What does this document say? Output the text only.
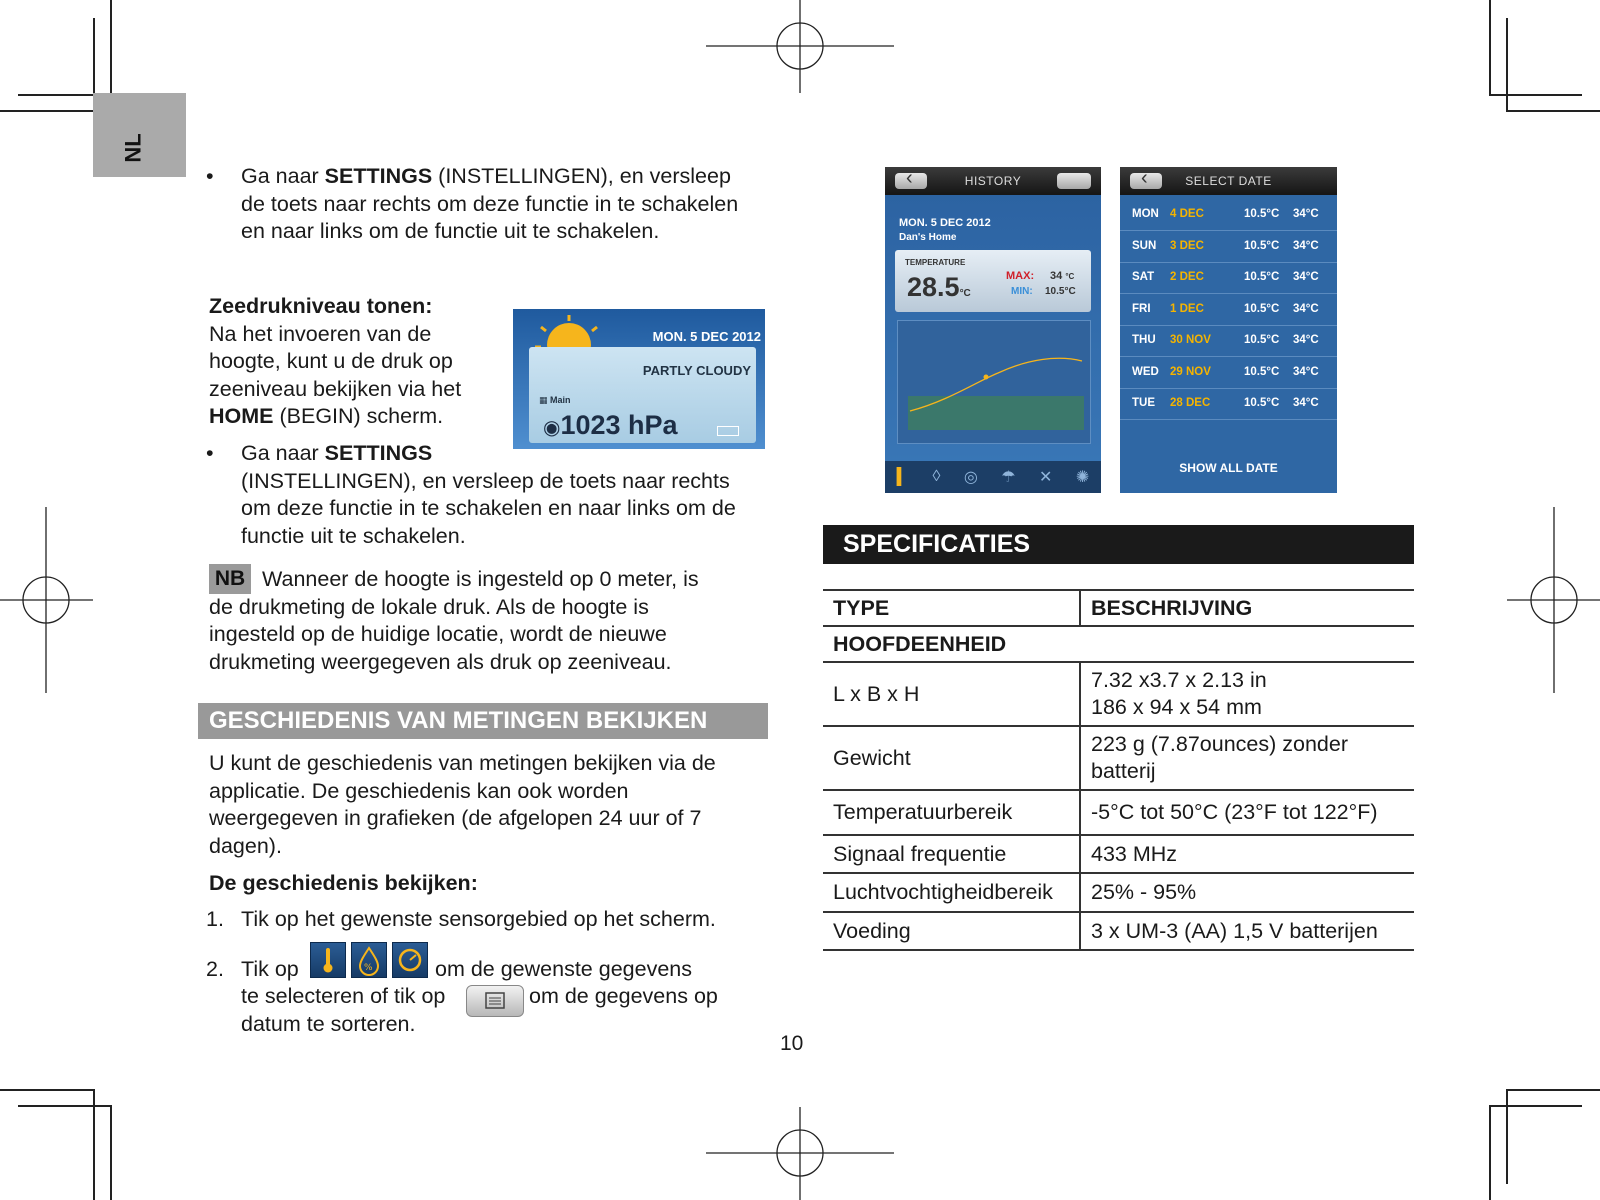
NL
• Ga naar SETTINGS (INSTELLINGEN), en versleep de toets naar rechts om deze functie in te schakelen en naar links om de functie uit te schakelen.
Zeedrukniveau tonen:
Na het invoeren van de hoogte, kunt u de druk op zeeniveau bekijken via het HOME (BEGIN) scherm.
MON. 5 DEC 2012
PARTLY CLOUDY
▦ Main
◉1023 hPa
• Ga naar SETTINGS
(INSTELLINGEN), en versleep de toets naar rechts om deze functie in te schakelen en naar links om de functie uit te schakelen.
NB Wanneer de hoogte is ingesteld op 0 meter, is de drukmeting de lokale druk. Als de hoogte is ingesteld op de huidige locatie, wordt de nieuwe drukmeting weergegeven als druk op zeeniveau.
GESCHIEDENIS VAN METINGEN BEKIJKEN
U kunt de geschiedenis van metingen bekijken via de applicatie. De geschiedenis kan ook worden weergegeven in grafieken (de afgelopen 24 uur of 7 dagen).
De geschiedenis bekijken:
1. Tik op het gewenste sensorgebied op het scherm.
2. Tik op	%	om de gewenste gegevens
te selecteren of tik op	om de gegevens op
datum te sorteren.
10
HISTORY
‹
MON. 5 DEC 2012
Dan's Home
TEMPERATURE
28.5°C
MAX: 34 °C
MIN: 10.5°C
▍ ◊ ◎ ☂ ✕ ✺
SELECT DATE
‹
MON 4 DEC	10.5°C 34°C
SUN 3 DEC	10.5°C 34°C
SAT 2 DEC	10.5°C 34°C
FRI 1 DEC	10.5°C 34°C
THU 30 NOV	10.5°C 34°C
WED 29 NOV	10.5°C 34°C
TUE 28 DEC	10.5°C 34°C
SHOW ALL DATE
SPECIFICATIES
TYPE	BESCHRIJVING
HOOFDEENHEID	
L x B x H	7.32 x3.7 x 2.13 in
186 x 94 x 54 mm
Gewicht	223 g (7.87ounces) zonder
batterij
Temperatuurbereik	-5°C tot 50°C (23°F tot 122°F)
Signaal frequentie	433 MHz
Luchtvochtigheidbereik	25% - 95%
Voeding	3 x UM-3 (AA) 1,5 V batterijen
